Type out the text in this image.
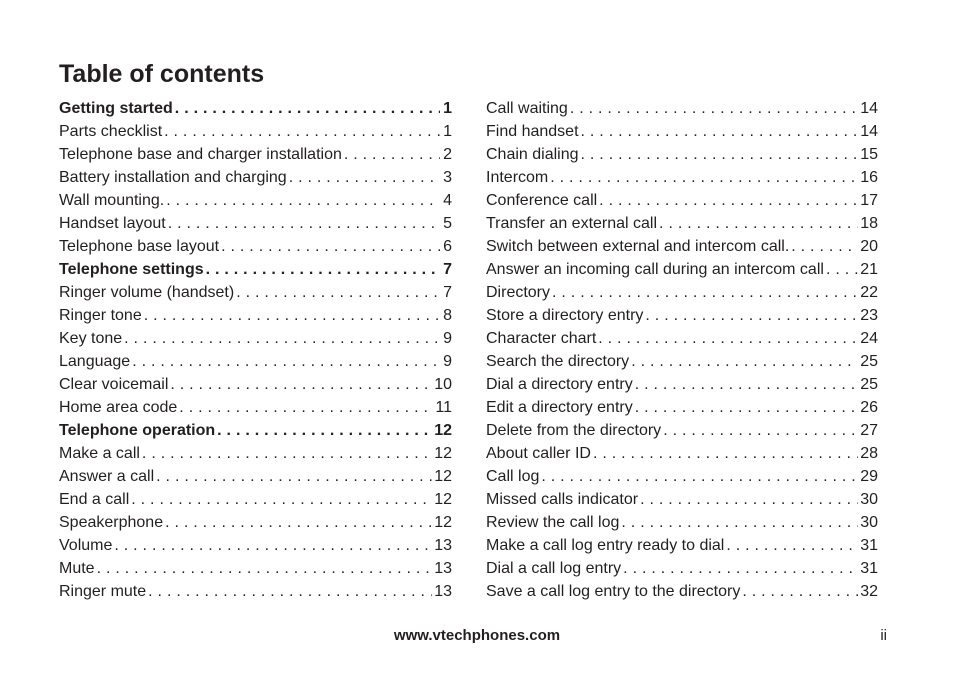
Table of contents
Getting started . . .	1
Parts checklist . . .	1
Telephone base and charger installation . . .	2
Battery installation and charging . . .	3
Wall mounting. . . .	4
Handset layout . . .	5
Telephone base layout . . .	6
Telephone settings . . .	7
Ringer volume (handset) . . .	7
Ringer tone . . .	8
Key tone . . .	9
Language . . .	9
Clear voicemail . . .	10
Home area code . . .	11
Telephone operation . . .	12
Make a call . . .	12
Answer a call . . .	12
End a call . . .	12
Speakerphone . . .	12
Volume . . .	13
Mute . . .	13
Ringer mute . . .	13
Call waiting . . .	14
Find handset . . .	14
Chain dialing . . .	15
Intercom . . .	16
Conference call . . .	17
Transfer an external call . . .	18
Switch between external and intercom call. . . .	20
Answer an incoming call during an intercom call . . . 21
Directory . . .	22
Store a directory entry . . .	23
Character chart . . .	24
Search the directory . . .	25
Dial a directory entry . . .	25
Edit a directory entry . . .	26
Delete from the directory . . .	27
About caller ID . . .	28
Call log . . .	29
Missed calls indicator . . .	30
Review the call log . . .	30
Make a call log entry ready to dial . . .	31
Dial a call log entry . . .	31
Save a call log entry to the directory . . .	32
www.vtechphones.com	ii
